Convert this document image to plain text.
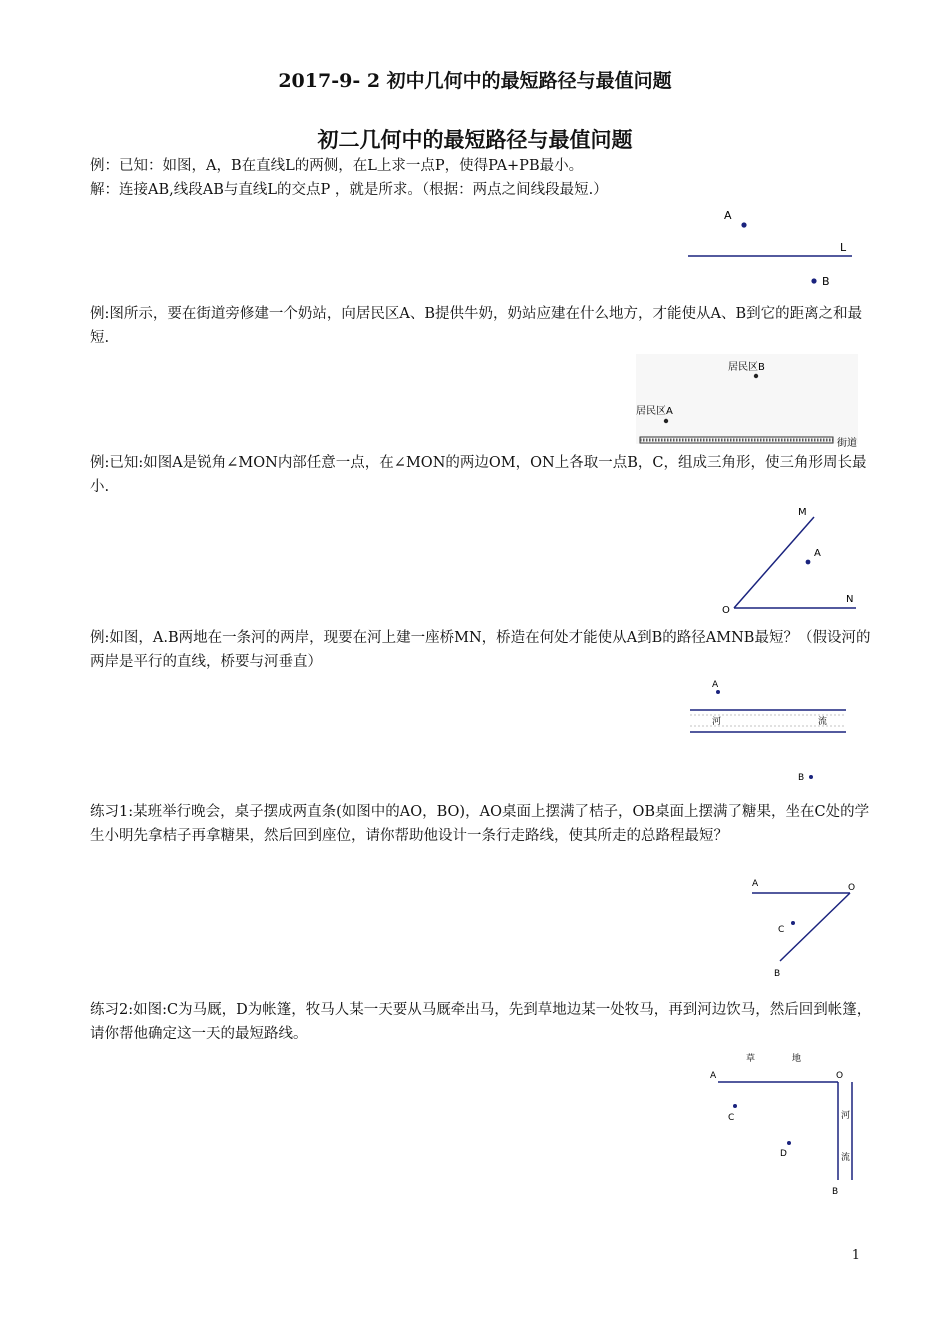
2017-9- 2 初中几何中的最短路径与最值问题
初二几何中的最短路径与最值问题
例：已知：如图，A，B在直线L的两侧，在L上求一点P，使得PA+PB最小。
解：连接AB,线段AB与直线L的交点P ，就是所求。（根据：两点之间线段最短.）
A
L
B
例:图所示，要在街道旁修建一个奶站，向居民区A、B提供牛奶，奶站应建在什么地方，才能使从A、B到它的距离之和最短.
居民区B
居民区A
街道
例:已知:如图A是锐角∠MON内部任意一点，在∠MON的两边OM，ON上各取一点B，C，组成三角形，使三角形周长最小.
M
A
O
N
例:如图，A.B两地在一条河的两岸，现要在河上建一座桥MN，桥造在何处才能使从A到B的路径AMNB最短？（假设河的两岸是平行的直线，桥要与河垂直）
A
河	流
B
练习1:某班举行晚会，桌子摆成两直条(如图中的AO，BO)，AO桌面上摆满了桔子，OB桌面上摆满了糖果，坐在C处的学生小明先拿桔子再拿糖果，然后回到座位，请你帮助他设计一条行走路线，使其所走的总路程最短？
A	O
C
B
练习2:如图:C为马厩，D为帐篷，牧马人某一天要从马厩牵出马，先到草地边某一处牧马，再到河边饮马，然后回到帐篷，请你帮他确定这一天的最短路线。
草	地
A	O
河
流
C
D
B
1
